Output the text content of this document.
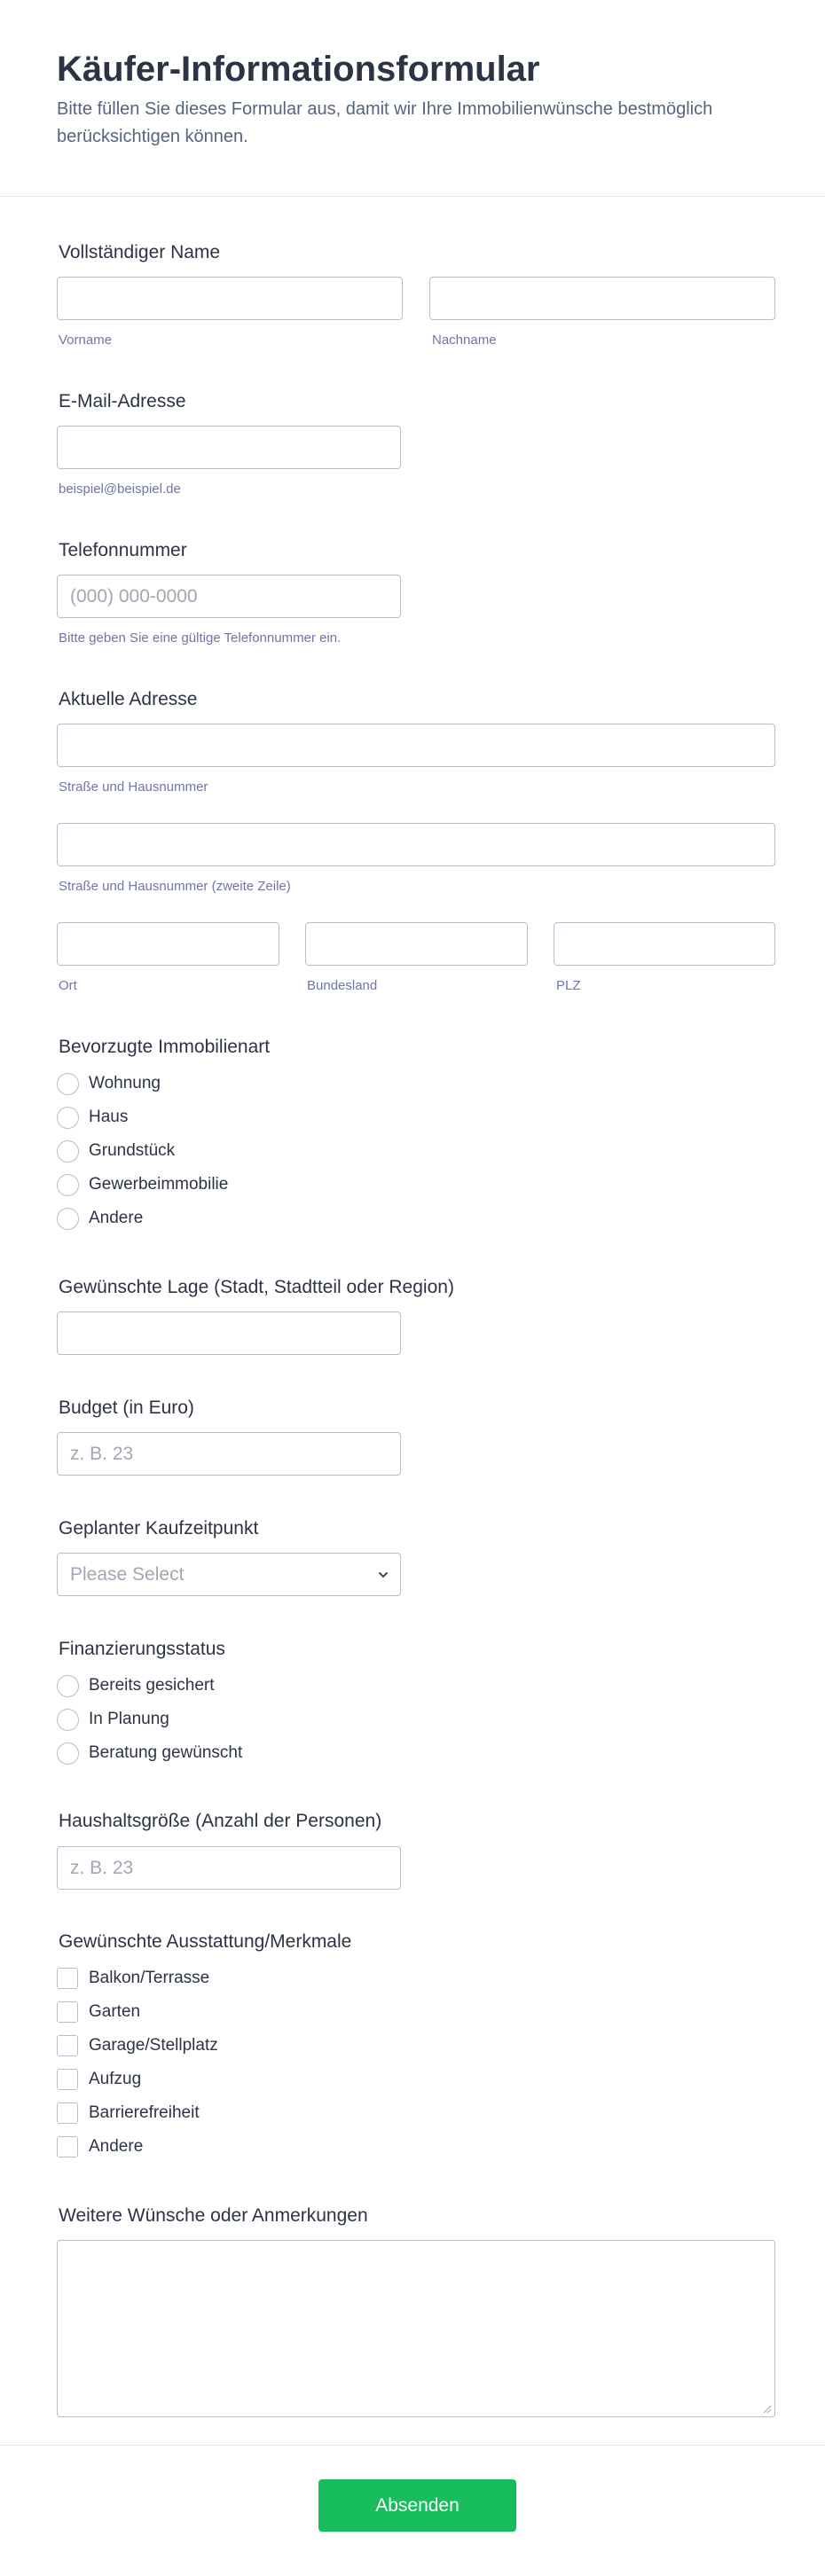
Käufer-Informationsformular

Bitte füllen Sie dieses Formular aus, damit wir Ihre Immobilienwünsche bestmöglich berücksichtigen können.

Vollständiger Name
Vorname	Nachname
E-Mail-Adresse
beispiel@beispiel.de
Telefonnummer
(000) 000-0000
Bitte geben Sie eine gültige Telefonnummer ein.
Aktuelle Adresse
Straße und Hausnummer
Straße und Hausnummer (zweite Zeile)
Ort	Bundesland	PLZ
Bevorzugte Immobilienart
Wohnung
Haus
Grundstück
Gewerbeimmobilie
Andere
Gewünschte Lage (Stadt, Stadtteil oder Region)
Budget (in Euro)
z. B. 23
Geplanter Kaufzeitpunkt
Please Select
Finanzierungsstatus
Bereits gesichert
In Planung
Beratung gewünscht
Haushaltsgröße (Anzahl der Personen)
z. B. 23
Gewünschte Ausstattung/Merkmale
Balkon/Terrasse
Garten
Garage/Stellplatz
Aufzug
Barrierefreiheit
Andere
Weitere Wünsche oder Anmerkungen
Absenden
